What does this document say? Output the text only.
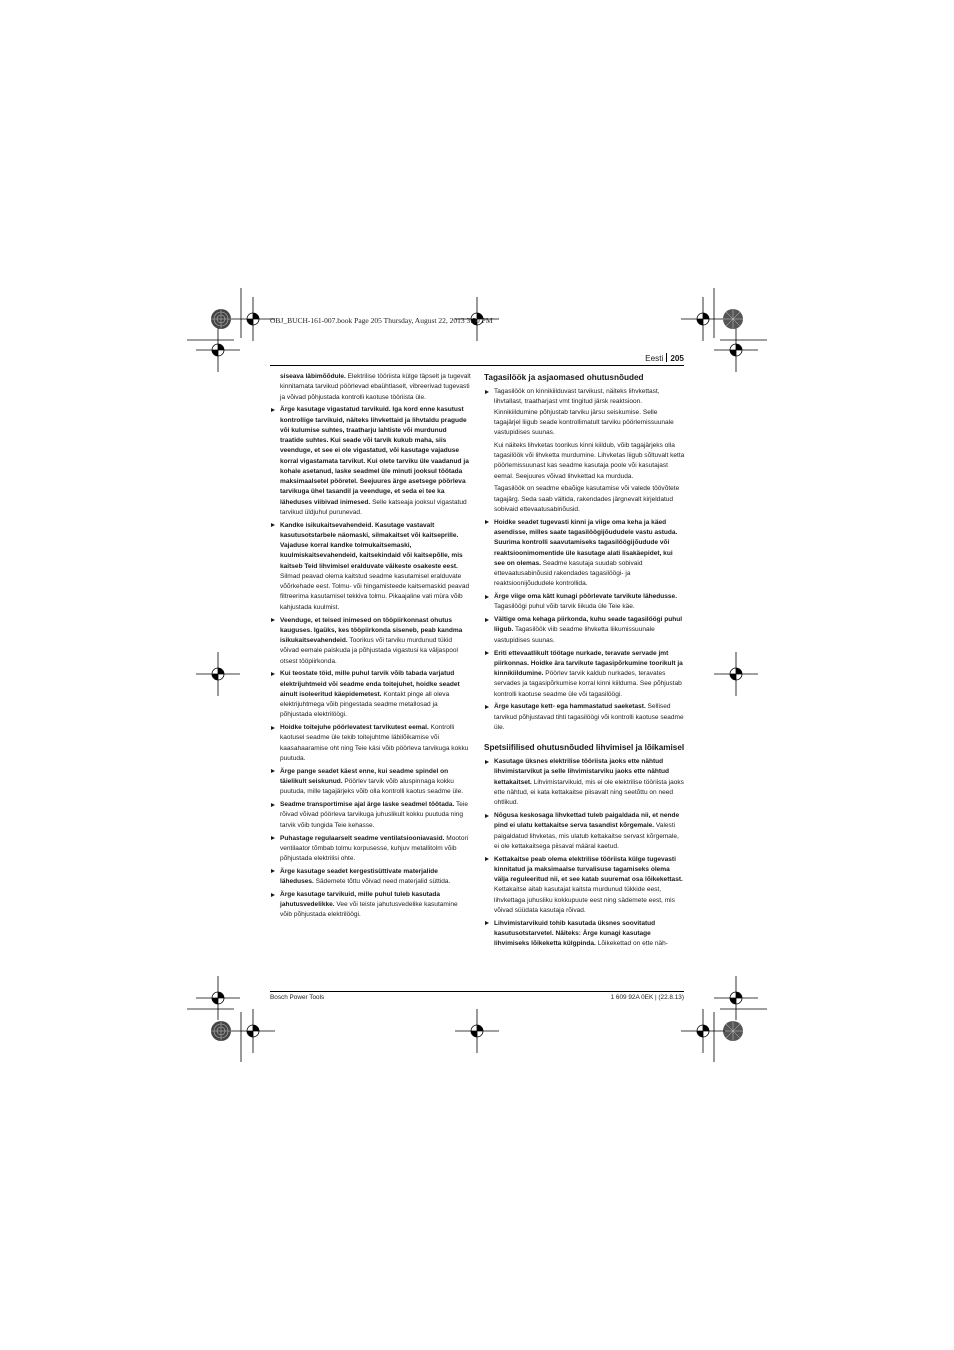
OBJ_BUCH-161-007.book Page 205 Thursday, August 22, 2013 3:50 PM
Eesti 205

siseava läbimõõdule. Elektrilise tööriista külge täpselt ja tugevalt kinnitamata tarvikud pöörlevad ebaühtlaselt, vibreerivad tugevasti ja võivad põhjustada kontrolli kaotuse tööriista üle.

Ärge kasutage vigastatud tarvikuid. Iga kord enne kasutust kontrollige tarvikuid, näiteks lihvkettaid ja lihvtaldu pragude või kulumise suhtes, traatharju lahtiste või murdunud traatide suhtes. Kui seade või tarvik kukub maha, siis veenduge, et see ei ole vigastatud, või kasutage vajaduse korral vigastamata tarvikut. Kui olete tarviku üle vaadanud ja kohale asetanud, laske seadmel üle minuti jooksul töötada maksimaalsetel pööretel. Seejuures ärge asetsege pöörleva tarvikuga ühel tasandil ja veenduge, et seda ei tee ka läheduses viibivad inimesed. Selle katseaja jooksul vigastatud tarvikud üldjuhul purunevad.
Kandke isikukaitsevahendeid. Kasutage vastavalt kasutusotstarbele näomaski, silmakaitset või kaitseprille. Vajaduse korral kandke tolmukaitsemaski, kuulmiskaitsevahendeid, kaitsekindaid või kaitsepõlle, mis kaitseb Teid lihvimisel eralduvate väikeste osakeste eest. Silmad peavad olema kaitstud seadme kasutamisel eralduvate võõrkehade eest. Tolmu- või hingamisteede kaitsemaskid peavad filtreerima kasutamisel tekkiva tolmu. Pikaajaline vali müra võib kahjustada kuulmist.
Veenduge, et teised inimesed on tööpiirkonnast ohutus kauguses. Igaüks, kes tööpiirkonda siseneb, peab kandma isikukaitsevahendeid. Toorikus või tarviku murdunud tükid võivad eemale paiskuda ja põhjustada vigastusi ka väljaspool otsest tööpiirkonda.
Kui teostate töid, mille puhul tarvik võib tabada varjatud elektrijuhtmeid või seadme enda toitejuhet, hoidke seadet ainult isoleeritud käepidemetest. Kontakt pinge all oleva elektrijuhtmega võib pingestada seadme metallosad ja põhjustada elektrilöögi.
Hoidke toitejuhe pöörlevatest tarvikutest eemal. Kontrolli kaotusel seadme üle tekib toitejuhtme läbilõikamise või kaasahaaramise oht ning Teie käsi võib pöörleva tarvikuga kokku puutuda.
Ärge pange seadet käest enne, kui seadme spindel on täielikult seiskunud. Pöörlev tarvik võib aluspinnaga kokku puutuda, mille tagajärjeks võib olla kontrolli kaotus seadme üle.
Seadme transportimise ajal ärge laske seadmel töötada. Teie rõivad võivad pöörleva tarvikuga juhuslikult kokku puutuda ning tarvik võib tungida Teie kehasse.
Puhastage regulaarselt seadme ventilatsiooniavasid. Mootori ventilaator tõmbab tolmu korpusesse, kuhjuv metallitolm võib põhjustada elektrilisi ohte.
Ärge kasutage seadet kergestisüttivate materjalide läheduses. Sädemete tõttu võivad need materjalid süttida.
Ärge kasutage tarvikuid, mille puhul tuleb kasutada jahutusvedelikke. Vee või teiste jahutusvedelike kasutamine võib põhjustada elektrilöögi.
Tagasilöök ja asjaomased ohutusnõuded
Tagasilöök on kinnikiilduvast tarvikust, näiteks lihvkettast, lihvtallast, traatharjast vmt tingitud järsk reaktsioon. Kinnikiildumine põhjustab tarviku järsu seiskumise. Selle tagajärjel liigub seade kontrollimatult tarviku pöörlemissuunale vastupidises suunas.

Kui näiteks lihvketas toorikus kinni kiildub, võib tagajärjeks olla tagasilöök või lihvketta murdumine. Lihvketas liigub sõltuvalt ketta pöörlemissuunast kas seadme kasutaja poole või kasutajast eemal. Seejuures võivad lihvkettad ka murduda.

Tagasilöök on seadme ebaõige kasutamise või valede töövõtete tagajärg. Seda saab vältida, rakendades järgnevalt kirjeldatud sobivaid ettevaatusabinõusid.

Hoidke seadet tugevasti kinni ja viige oma keha ja käed asendisse, milles saate tagasilöögijõududele vastu astuda. Suurima kontrolli saavutamiseks tagasilöögijõudude või reaktsioonimomentide üle kasutage alati lisakäepidet, kui see on olemas. Seadme kasutaja suudab sobivaid ettevaatusabinõusid rakendades tagasilöögi- ja reaktsioonijõududele kontrollida.
Ärge viige oma kätt kunagi pöörlevate tarvikute lähedusse. Tagasilöögi puhul võib tarvik liikuda üle Teie käe.
Vältige oma kehaga piirkonda, kuhu seade tagasilöögi puhul liigub. Tagasilöök viib seadme lihvketta liikumissuunale vastupidises suunas.
Eriti ettevaatlikult töötage nurkade, teravate servade jmt piirkonnas. Hoidke ära tarvikute tagasipõrkumine toorikult ja kinnikiildumine. Pöörlev tarvik kaldub nurkades, teravates servades ja tagasipõrkumise korral kinni kiilduma. See põhjustab kontrolli kaotuse seadme üle või tagasilöögi.
Ärge kasutage kett- ega hammastatud saeketast. Sellised tarvikud põhjustavad tihti tagasilöögi või kontrolli kaotuse seadme üle.
Spetsiifilised ohutusnõuded lihvimisel ja lõikamisel
Kasutage üksnes elektrilise tööriista jaoks ette nähtud lihvimistarvikut ja selle lihvimistarviku jaoks ette nähtud kettakaitset. Lihvimistarvikuid, mis ei ole elektrilise tööriista jaoks ette nähtud, ei kata kettakaitse piisavalt ning seetõttu on need ohtlikud.
Nõgusa keskosaga lihvkettad tuleb paigaldada nii, et nende pind ei ulatu kettakaitse serva tasandist kõrgemale. Valesti paigaldatud lihvketas, mis ulatub kettakaitse servast kõrgemale, ei ole kettakaitsega piisaval määral kaetud.
Kettakaitse peab olema elektrilise tööriista külge tugevasti kinnitatud ja maksimaalse turvalisuse tagamiseks olema välja reguleeritud nii, et see katab suuremat osa lõikekettast. Kettakaitse aitab kasutajat kaitsta murdunud tükkide eest, lihvkettaga juhusliku kokkupuute eest ning sädemete eest, mis võivad süüdata kasutaja rõivad.
Lihvimistarvikuid tohib kasutada üksnes soovitatud kasutusotstarvetel. Näiteks: Ärge kunagi kasutage lihvimiseks lõikeketta külgpinda. Lõikekettad on ette näh-
Bosch Power Tools	1 609 92A 0EK | (22.8.13)
